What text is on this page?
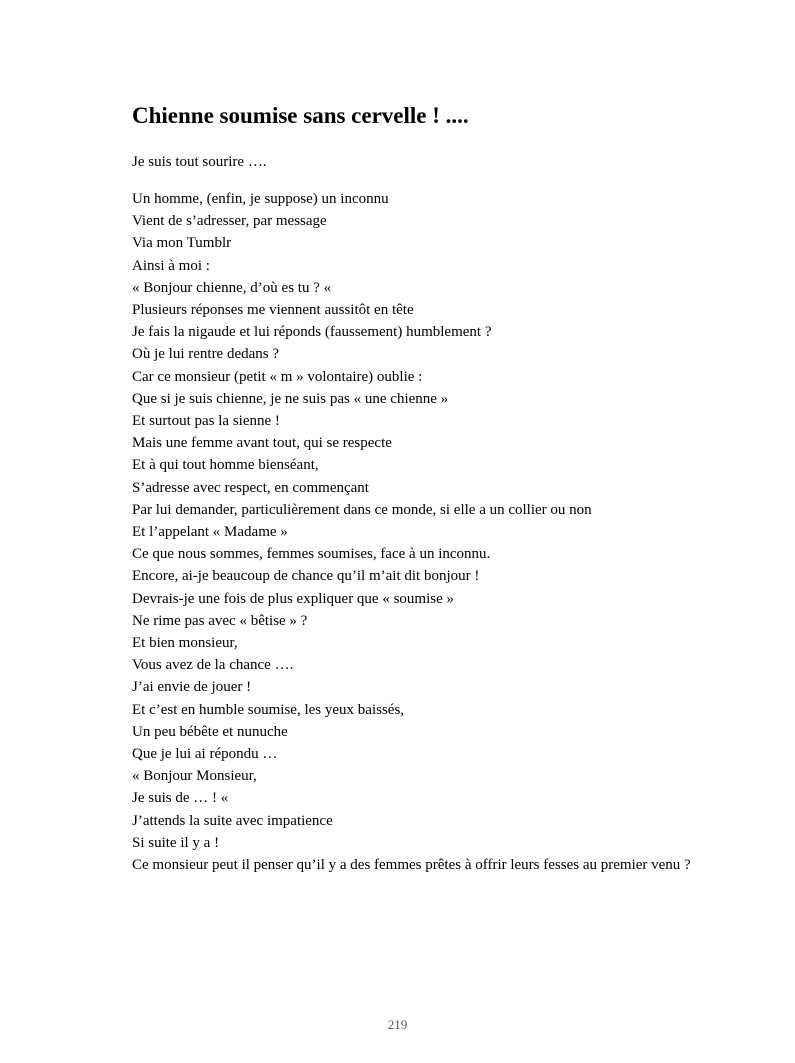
Chienne soumise sans cervelle ! ....

Je suis tout sourire ….

Un homme, (enfin, je suppose) un inconnu
Vient de s’adresser, par message
Via mon Tumblr
Ainsi à moi :
« Bonjour chienne, d’où es tu ? «
Plusieurs réponses me viennent aussitôt en tête
Je fais la nigaude et lui réponds (faussement) humblement ?
Où je lui rentre dedans ?
Car ce monsieur (petit « m » volontaire) oublie :
Que si je suis chienne, je ne suis pas « une chienne »
Et surtout pas la sienne !
Mais une femme avant tout, qui se respecte
Et à qui tout homme bienséant,
S’adresse avec respect, en commençant
Par lui demander, particulièrement dans ce monde, si elle a un collier ou non
Et l’appelant « Madame »
Ce que nous sommes, femmes soumises, face à un inconnu.
Encore, ai-je beaucoup de chance qu’il m’ait dit bonjour !
Devrais-je une fois de plus expliquer que « soumise »
Ne rime pas avec « bêtise » ?
Et bien monsieur,
Vous avez de la chance ….
J’ai envie de jouer !
Et c’est en humble soumise, les yeux baissés,
Un peu bébête et nunuche
Que je lui ai répondu …
« Bonjour Monsieur,
Je suis de … ! «
J’attends la suite avec impatience
Si suite il y a !
Ce monsieur peut il penser qu’il y a des femmes prêtes à offrir leurs fesses au premier venu ?
219
